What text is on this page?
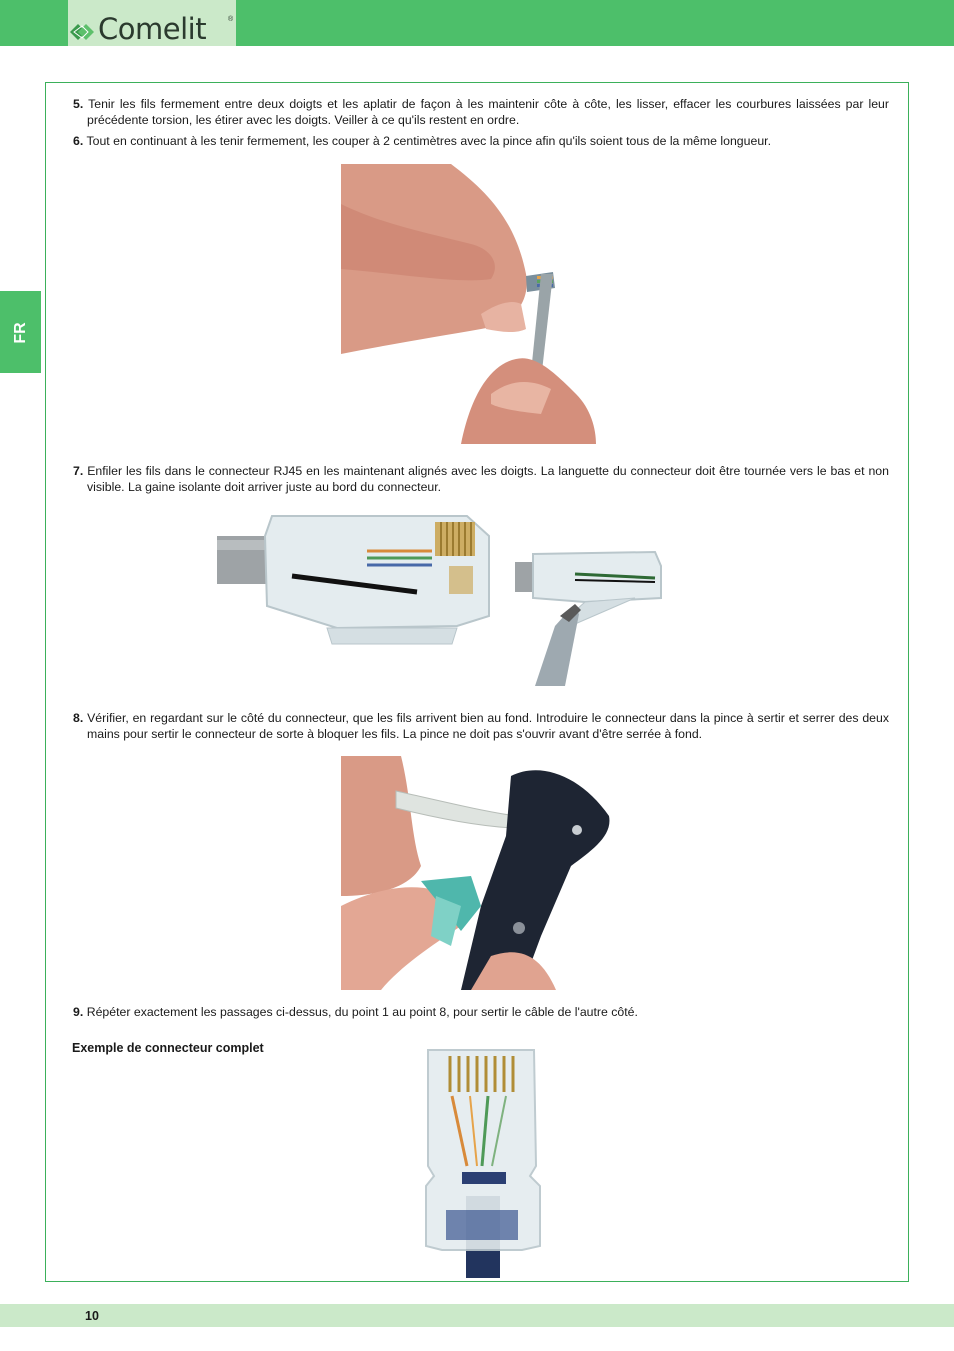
Comelit	®
FR
5. Tenir les fils fermement entre deux doigts et les aplatir de façon à les maintenir côte à côte, les lisser, effacer les courbures laissées par leur précédente torsion, les étirer avec les doigts. Veiller à ce qu'ils restent en ordre.
6. Tout en continuant à les tenir fermement, les couper à 2 centimètres avec la pince afin qu'ils soient tous de la même longueur.
7. Enfiler les fils dans le connecteur RJ45 en les maintenant alignés avec les doigts. La languette du connecteur doit être tournée vers le bas et non visible. La gaine isolante doit arriver juste au bord du connecteur.
8. Vérifier, en regardant sur le côté du connecteur, que les fils arrivent bien au fond. Introduire le connecteur dans la pince à sertir et serrer des deux mains pour sertir le connecteur de sorte à bloquer les fils. La pince ne doit pas s'ouvrir avant d'être serrée à fond.
9. Répéter exactement les passages ci-dessus, du point 1 au point 8, pour sertir le câble de l'autre côté.
Exemple de connecteur complet
10
